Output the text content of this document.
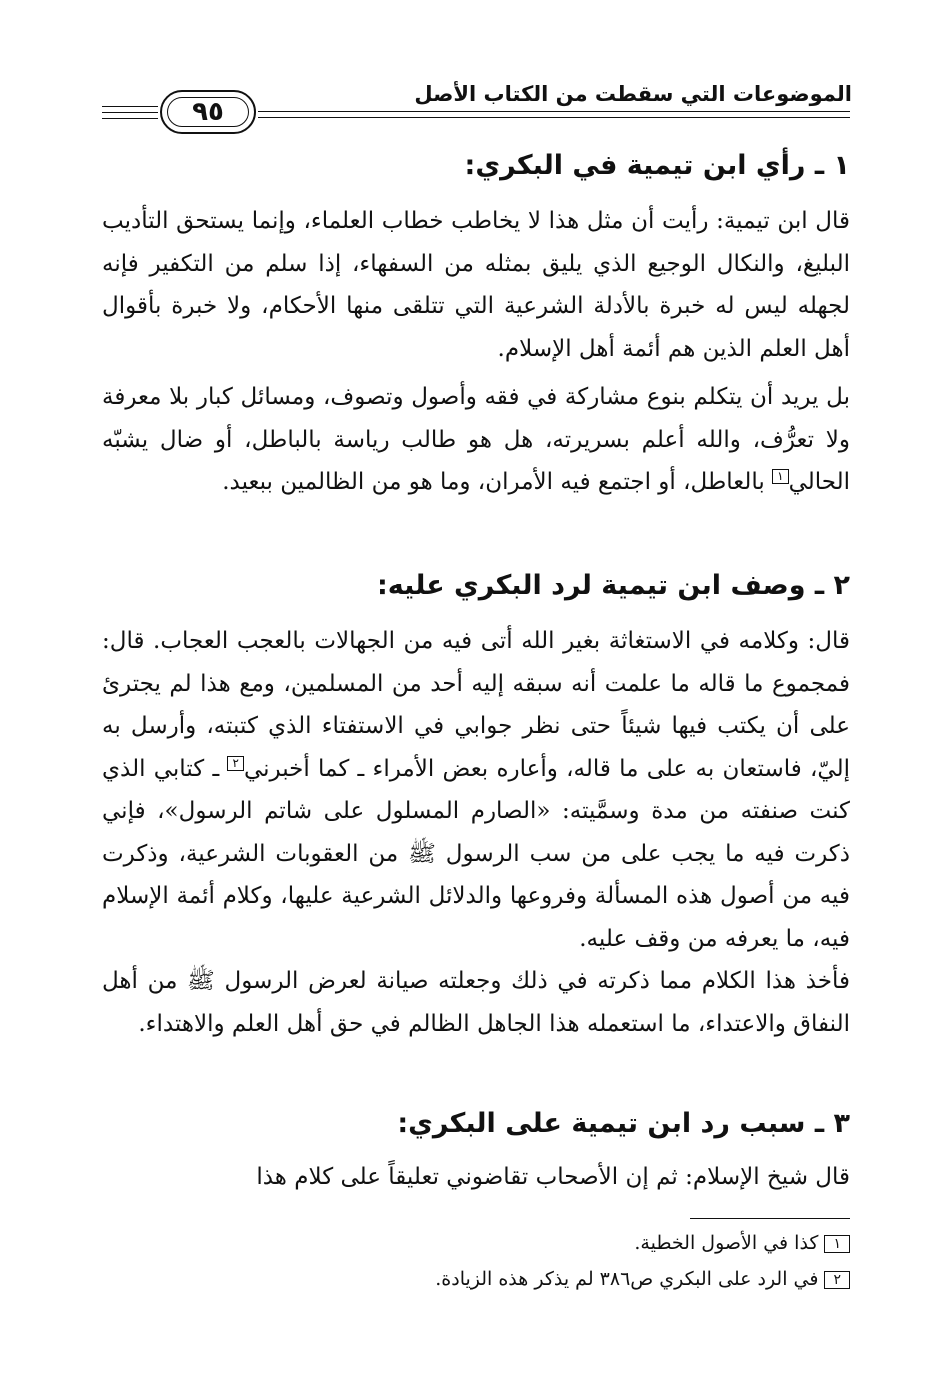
الموضوعات التي سقطت من الكتاب الأصل
٩٥
١ ـ رأي ابن تيمية في البكري:
قال ابن تيمية: رأيت أن مثل هذا لا يخاطب خطاب العلماء، وإنما يستحق التأديب البليغ، والنكال الوجيع الذي يليق بمثله من السفهاء، إذا سلم من التكفير فإنه لجهله ليس له خبرة بالأدلة الشرعية التي تتلقى منها الأحكام، ولا خبرة بأقوال أهل العلم الذين هم أئمة أهل الإسلام.
بل يريد أن يتكلم بنوع مشاركة في فقه وأصول وتصوف، ومسائل كبار بلا معرفة ولا تعرُّف، والله أعلم بسريرته، هل هو طالب رياسة بالباطل، أو ضال يشبّه الحالي١ بالعاطل، أو اجتمع فيه الأمران، وما هو من الظالمين ببعيد.
٢ ـ وصف ابن تيمية لرد البكري عليه:
قال: وكلامه في الاستغاثة بغير الله أتى فيه من الجهالات بالعجب العجاب. قال: فمجموع ما قاله ما علمت أنه سبقه إليه أحد من المسلمين، ومع هذا لم يجترئ على أن يكتب فيها شيئاً حتى نظر جوابي في الاستفتاء الذي كتبته، وأرسل به إليّ، فاستعان به على ما قاله، وأعاره بعض الأمراء ـ كما أخبرني٢ ـ كتابي الذي كنت صنفته من مدة وسمَّيته: «الصارم المسلول على شاتم الرسول»، فإني ذكرت فيه ما يجب على من سب الرسول ﷺ من العقوبات الشرعية، وذكرت فيه من أصول هذه المسألة وفروعها والدلائل الشرعية عليها، وكلام أئمة الإسلام فيه، ما يعرفه من وقف عليه.
فأخذ هذا الكلام مما ذكرته في ذلك وجعلته صيانة لعرض الرسول ﷺ من أهل النفاق والاعتداء، ما استعمله هذا الجاهل الظالم في حق أهل العلم والاهتداء.
٣ ـ سبب رد ابن تيمية على البكري:
قال شيخ الإسلام: ثم إن الأصحاب تقاضوني تعليقاً على كلام هذا
١كذا في الأصول الخطية.
٢في الرد على البكري ص٣٨٦ لم يذكر هذه الزيادة.
